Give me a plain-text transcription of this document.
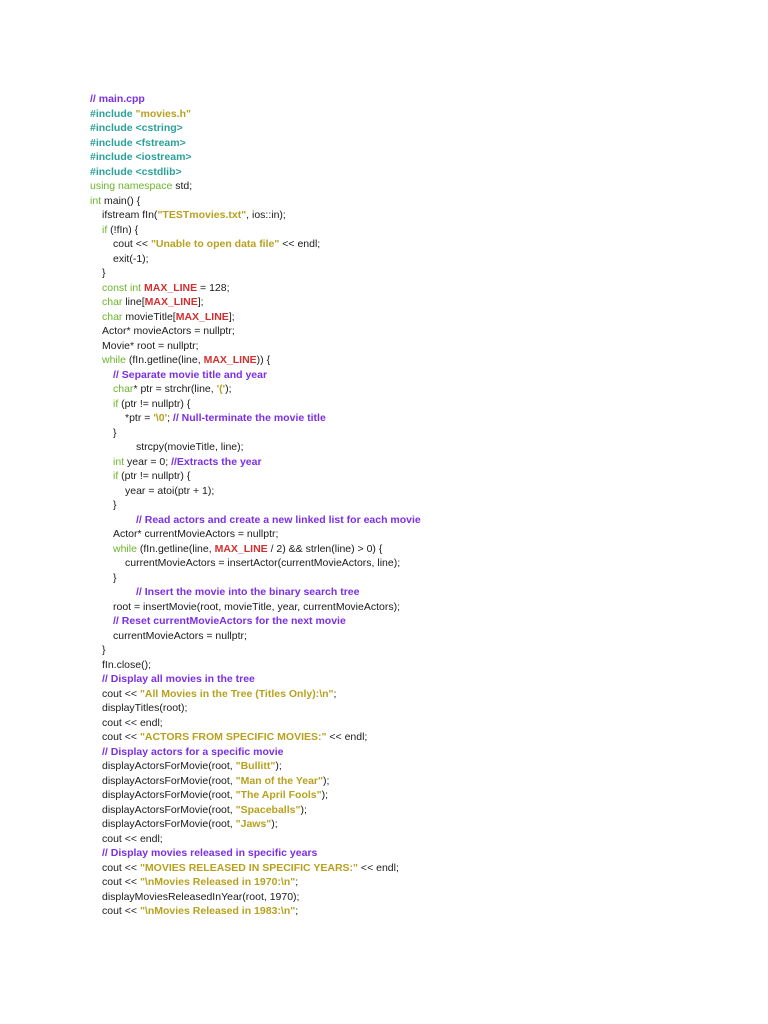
// main.cpp
#include "movies.h"
#include <cstring>
#include <fstream>
#include <iostream>
#include <cstdlib>
using namespace std;
int main() {
ifstream fIn("TESTmovies.txt", ios::in);
if (!fIn) {
cout << "Unable to open data file" << endl;
exit(-1);
}
const int MAX_LINE = 128;
char line[MAX_LINE];
char movieTitle[MAX_LINE];
Actor* movieActors = nullptr;
Movie* root = nullptr;
while (fIn.getline(line, MAX_LINE)) {
// Separate movie title and year
char* ptr = strchr(line, '(');
if (ptr != nullptr) {
*ptr = '\0'; // Null-terminate the movie title
}
strcpy(movieTitle, line);
int year = 0; //Extracts the year
if (ptr != nullptr) {
year = atoi(ptr + 1);
}
// Read actors and create a new linked list for each movie
Actor* currentMovieActors = nullptr;
while (fIn.getline(line, MAX_LINE / 2) && strlen(line) > 0) {
currentMovieActors = insertActor(currentMovieActors, line);
}
// Insert the movie into the binary search tree
root = insertMovie(root, movieTitle, year, currentMovieActors);
// Reset currentMovieActors for the next movie
currentMovieActors = nullptr;
}
fIn.close();
// Display all movies in the tree
cout << "All Movies in the Tree (Titles Only):\n";
displayTitles(root);
cout << endl;
cout << "ACTORS FROM SPECIFIC MOVIES:" << endl;
// Display actors for a specific movie
displayActorsForMovie(root, "Bullitt");
displayActorsForMovie(root, "Man of the Year");
displayActorsForMovie(root, "The April Fools");
displayActorsForMovie(root, "Spaceballs");
displayActorsForMovie(root, "Jaws");
cout << endl;
// Display movies released in specific years
cout << "MOVIES RELEASED IN SPECIFIC YEARS:" << endl;
cout << "\nMovies Released in 1970:\n";
displayMoviesReleasedInYear(root, 1970);
cout << "\nMovies Released in 1983:\n";
